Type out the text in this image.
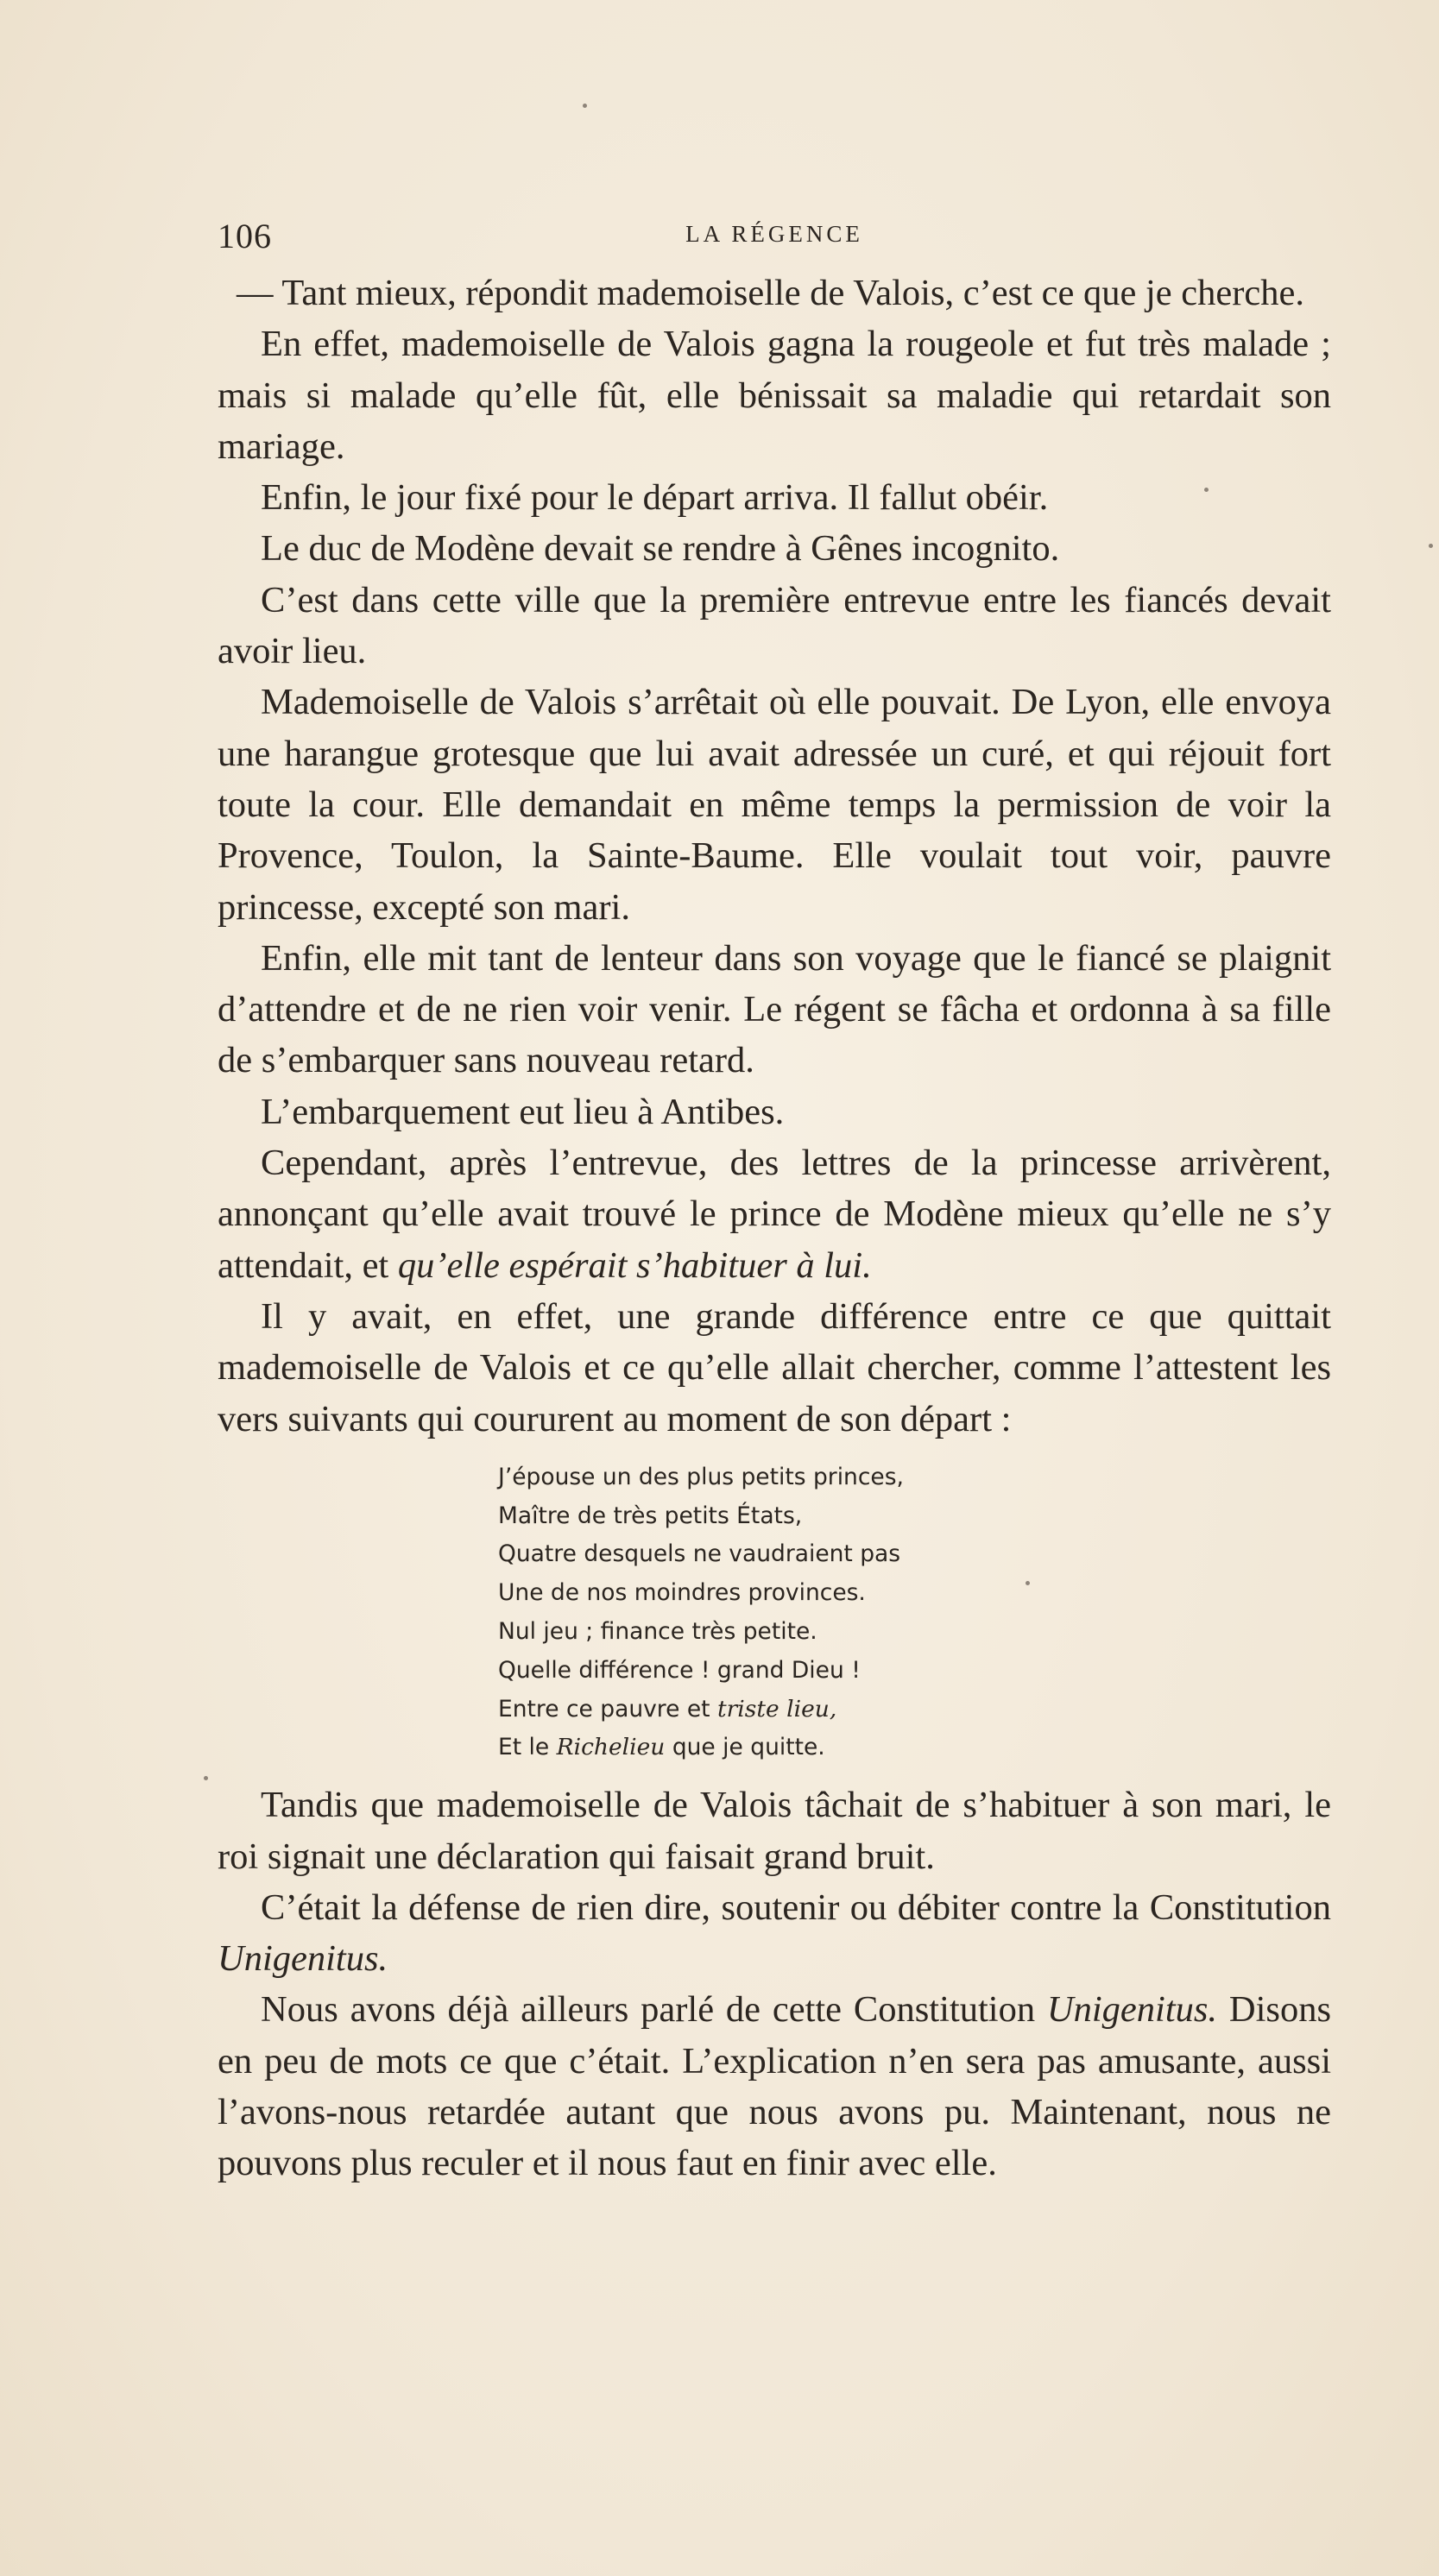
106	LA RÉGENCE

— Tant mieux, répondit mademoiselle de Valois, c’est ce que je cherche.

En effet, mademoiselle de Valois gagna la rougeole et fut très malade ; mais si malade qu’elle fût, elle bénissait sa maladie qui retardait son mariage.

Enfin, le jour fixé pour le départ arriva. Il fallut obéir.

Le duc de Modène devait se rendre à Gênes incognito.

C’est dans cette ville que la première entrevue entre les fiancés devait avoir lieu.

Mademoiselle de Valois s’arrêtait où elle pouvait. De Lyon, elle envoya une harangue grotesque que lui avait adressée un curé, et qui réjouit fort toute la cour. Elle demandait en même temps la permission de voir la Provence, Toulon, la Sainte-Baume. Elle voulait tout voir, pauvre princesse, excepté son mari.

Enfin, elle mit tant de lenteur dans son voyage que le fiancé se plaignit d’attendre et de ne rien voir venir. Le régent se fâcha et ordonna à sa fille de s’embarquer sans nouveau retard.

L’embarquement eut lieu à Antibes.

Cependant, après l’entrevue, des lettres de la princesse arrivèrent, annonçant qu’elle avait trouvé le prince de Modène mieux qu’elle ne s’y attendait, et qu’elle espérait s’habituer à lui.

Il y avait, en effet, une grande différence entre ce que quittait mademoiselle de Valois et ce qu’elle allait chercher, comme l’attestent les vers suivants qui coururent au moment de son départ :

J’épouse un des plus petits princes,
Maître de très petits États,
Quatre desquels ne vaudraient pas
Une de nos moindres provinces.
Nul jeu ; finance très petite.
Quelle différence ! grand Dieu !
Entre ce pauvre et triste lieu,
Et le Richelieu que je quitte.

Tandis que mademoiselle de Valois tâchait de s’habituer à son mari, le roi signait une déclaration qui faisait grand bruit.

C’était la défense de rien dire, soutenir ou débiter contre la Constitution Unigenitus.

Nous avons déjà ailleurs parlé de cette Constitution Unigenitus. Disons en peu de mots ce que c’était. L’explication n’en sera pas amusante, aussi l’avons-nous retardée autant que nous avons pu. Maintenant, nous ne pouvons plus reculer et il nous faut en finir avec elle.
